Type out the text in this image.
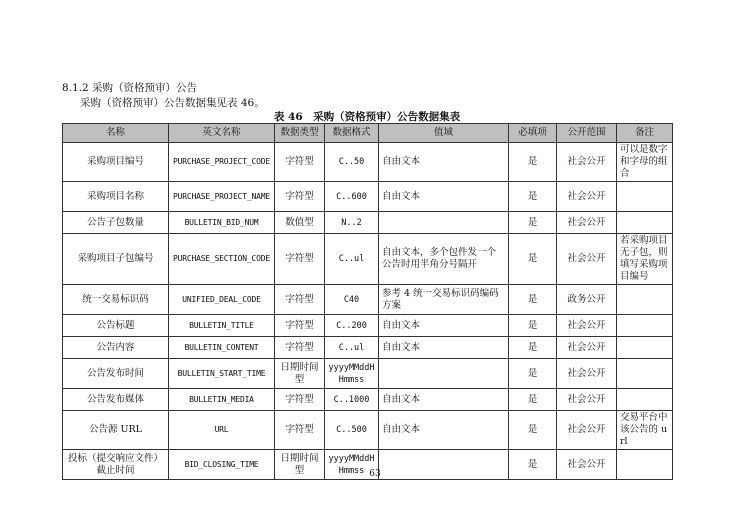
8.1.2 采购（资格预审）公告
采购（资格预审）公告数据集见表 46。
表 46　采购（资格预审）公告数据集表
名称	英文名称	数据类型	数据格式	值域	必填项	公开范围	备注
采购项目编号	PURCHASE_PROJECT_CODE	字符型	C..50	自由文本	是	社会公开	可以是数字和字母的组合
采购项目名称	PURCHASE_PROJECT_NAME	字符型	C..600	自由文本	是	社会公开	
公告子包数量	BULLETIN_BID_NUM	数值型	N..2		是	社会公开	
采购项目子包编号	PURCHASE_SECTION_CODE	字符型	C..ul	自由文本，多个包件发一个公告时用半角分号隔开	是	社会公开	若采购项目无子包，则填写采购项目编号
统一交易标识码	UNIFIED_DEAL_CODE	字符型	C40	参考 4 统一交易标识码编码方案	是	政务公开	
公告标题	BULLETIN_TITLE	字符型	C..200	自由文本	是	社会公开	
公告内容	BULLETIN_CONTENT	字符型	C..ul	自由文本	是	社会公开	
公告发布时间	BULLETIN_START_TIME	日期时间型	yyyyMMddHHmmss		是	社会公开	
公告发布媒体	BULLETIN_MEDIA	字符型	C..1000	自由文本	是	社会公开	
公告源 URL	URL	字符型	C..500	自由文本	是	社会公开	交易平台中该公告的 url
投标（提交响应文件）截止时间	BID_CLOSING_TIME	日期时间型	yyyyMMddHHmmss		是	社会公开	
63
